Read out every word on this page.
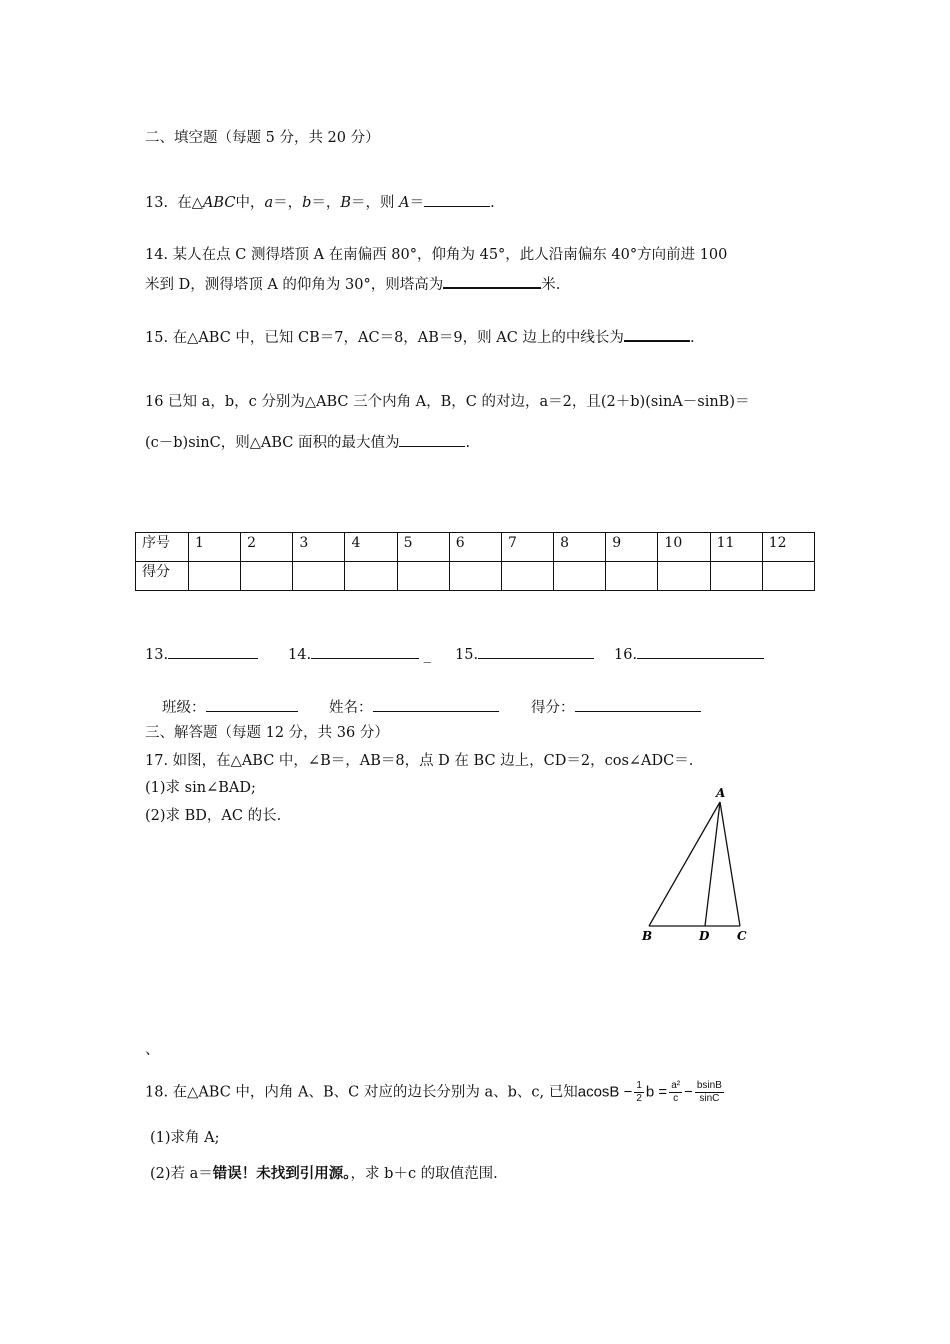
二、填空题（每题 5 分，共 20 分）
13. 在△ABC中，a＝，b＝，B＝，则 A＝	.
14. 某人在点 C 测得塔顶 A 在南偏西 80°，仰角为 45°，此人沿南偏东 40°方向前进 100
米到 D，测得塔顶 A 的仰角为 30°，则塔高为	米.
15. 在△ABC 中，已知 CB＝7，AC＝8，AB＝9，则 AC 边上的中线长为	.
16 已知 a，b，c 分别为△ABC 三个内角 A，B，C 的对边，a＝2，且(2＋b)(sinA－sinB)＝
(c－b)sinC，则△ABC 面积的最大值为	.
序号	1	2	3	4	5	6	7	8	9	10	11	12
得分												
13.	14.	_ 15.	16.
班级：	姓名：	得分：
三、解答题（每题 12 分，共 36 分）
17. 如图，在△ABC 中，∠B＝，AB＝8，点 D 在 BC 边上，CD＝2，cos∠ADC＝.
(1)求 sin∠BAD;
(2)求 BD，AC 的长.
A
B	D C
、
18. 在△ABC 中，内角 A、B、C 对应的边长分别为 a、b、c, 已知$acosB - \frac{1}{2}$ $b = \frac{\text{a²}}{c} - \frac{bsinB}{\sin C}$
(1)求角 A;
(2)若 a＝错误！未找到引用源。，求 b＋c 的取值范围.
